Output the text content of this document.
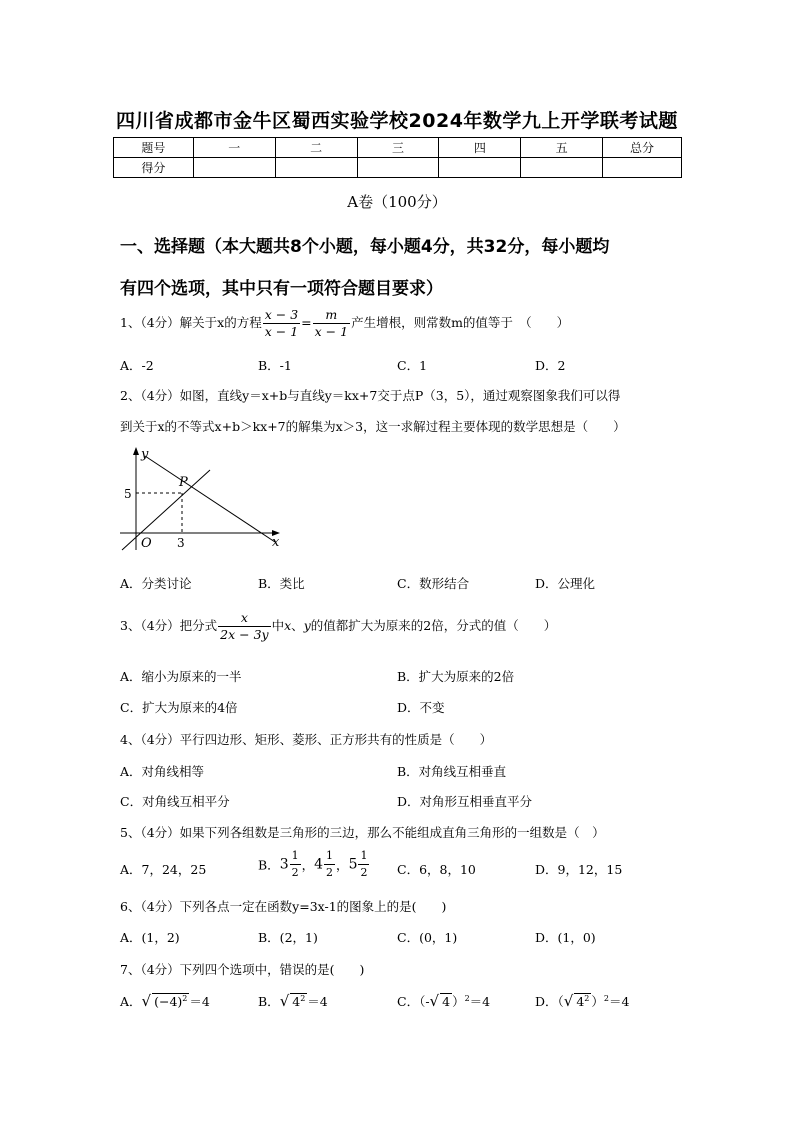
四川省成都市金牛区蜀西实验学校2024年数学九上开学联考试题
题号	一	二	三	四	五	总分
得分						
A卷（100分）
一、选择题（本大题共8个小题，每小题4分，共32分，每小题均
有四个选项，其中只有一项符合题目要求）
1、（4分）解关于x的方程 $\frac{x - 3}{x - 1} = \frac{m}{x - 1}$ 产生增根，则常数m的值等于　（　　）
A．-2	B．-1	C．1	D．2
2、（4分）如图，直线y＝x+b与直线y＝kx+7交于点P（3，5），通过观察图象我们可以得
到关于x的不等式x+b＞kx+7的解集为x＞3，这一求解过程主要体现的数学思想是（　　）
y
x
O
P
3
5
A．分类讨论	B．类比	C．数形结合	D．公理化
3、（4分）把分式 $\frac{x}{2x - 3y}$ 中x、y的值都扩大为原来的2倍，分式的值（　　）
A．缩小为原来的一半	B．扩大为原来的2倍
C．扩大为原来的4倍	D．不变
4、（4分）平行四边形、矩形、菱形、正方形共有的性质是（　　）
A．对角线相等	B．对角线互相垂直
C．对角线互相平分	D．对角形互相垂直平分
5、（4分）如果下列各组数是三角形的三边，那么不能组成直角三角形的一组数是（　）
A．7，24，25	B．$3 \frac{1}{2}$ ，$4 \frac{1}{2}$ ，$5 \frac{1}{2}$ C．6，8，10	D．9，12，15
6、（4分）下列各点一定在函数y=3x-1的图象上的是(　　)
A．(1，2)	B．(2，1)	C．(0，1)	D．(1，0)
7、（4分）下列四个选项中，错误的是(　　)
A．√ $(-4)^2 =4$	B．√ $4^2 =4$	C．（-√ 4 ）$^2$＝4	D．（√ $4^2$ ）$^2$＝4
